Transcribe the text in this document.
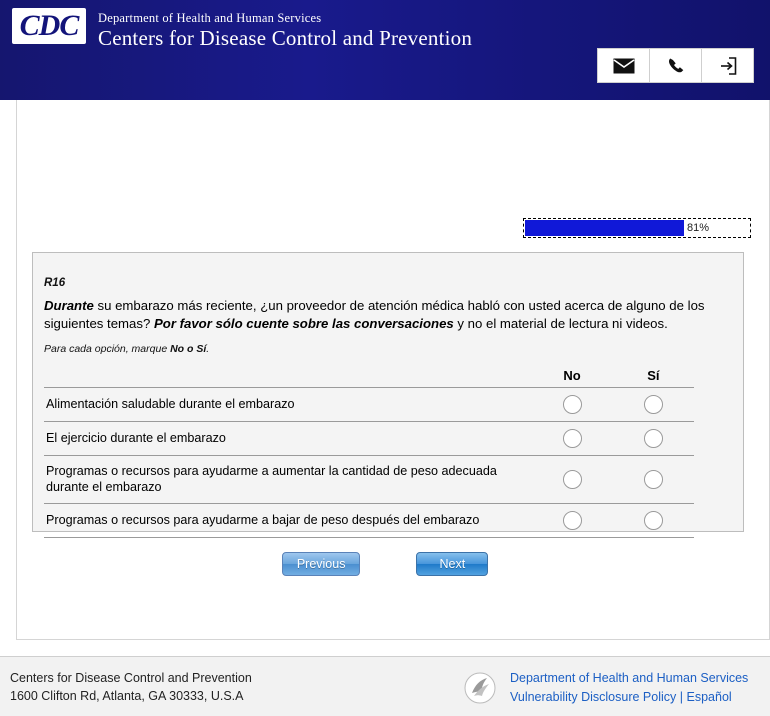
CDC Department of Health and Human Services
Centers for Disease Control and Prevention
81%
R16
Durante su embarazo más reciente, ¿un proveedor de atención médica habló con usted acerca de alguno de los siguientes temas? Por favor sólo cuente sobre las conversaciones y no el material de lectura ni videos.
Para cada opción, marque No o Sí.
	No	Sí
Alimentación saludable durante el embarazo		
El ejercicio durante el embarazo		
Programas o recursos para ayudarme a aumentar la cantidad de peso adecuada durante el embarazo		
Programas o recursos para ayudarme a bajar de peso después del embarazo		
Previous	Next
Centers for Disease Control and Prevention
1600 Clifton Rd, Atlanta, GA 30333, U.S.A
Department of Health and Human Services
Vulnerability Disclosure Policy | Español
